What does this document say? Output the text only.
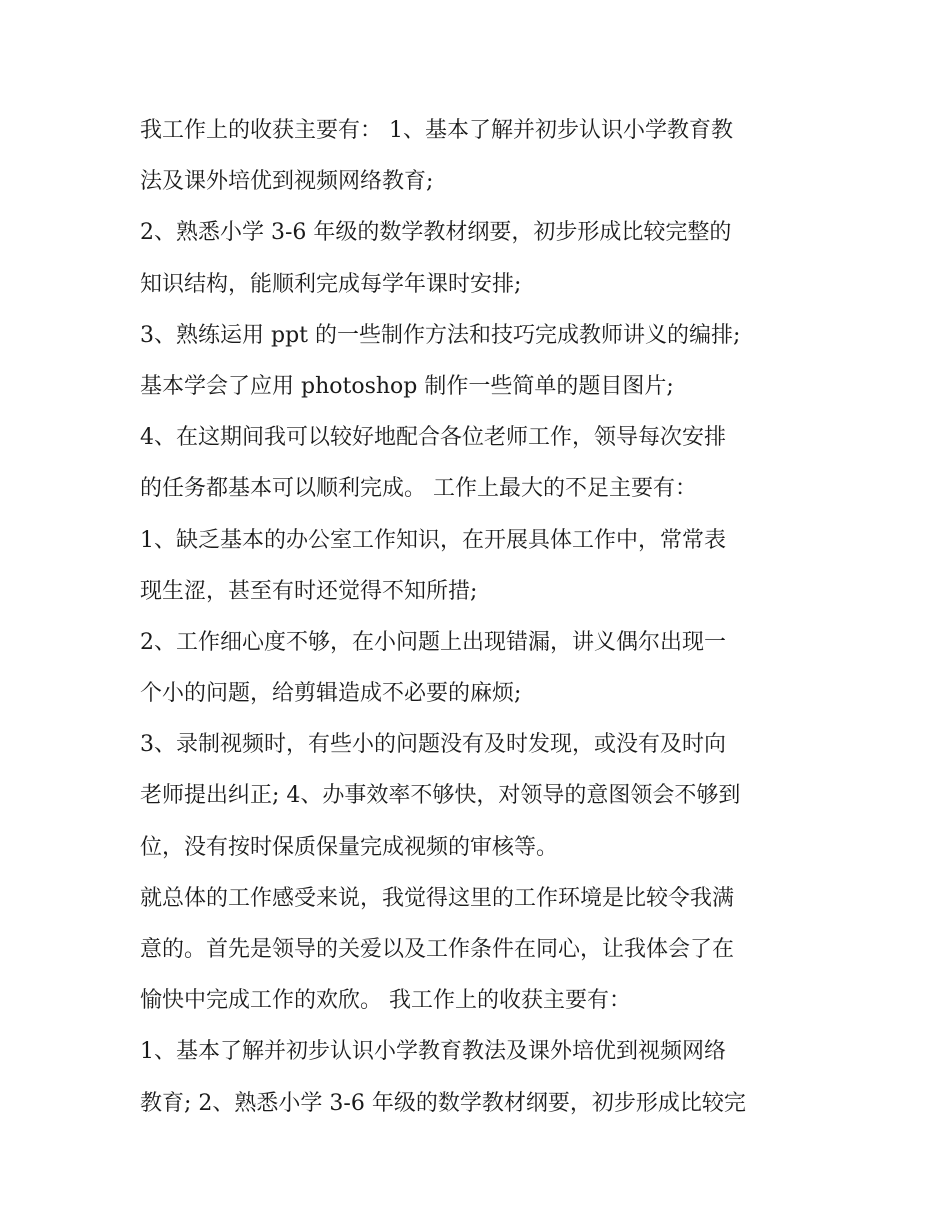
我工作上的收获主要有： 1、基本了解并初步认识小学教育教
法及课外培优到视频网络教育;
2、熟悉小学 3-6 年级的数学教材纲要，初步形成比较完整的
知识结构，能顺利完成每学年课时安排;
3、熟练运用 ppt 的一些制作方法和技巧完成教师讲义的编排;
基本学会了应用 photoshop 制作一些简单的题目图片;
4、在这期间我可以较好地配合各位老师工作，领导每次安排
的任务都基本可以顺利完成。 工作上最大的不足主要有：
1、缺乏基本的办公室工作知识，在开展具体工作中，常常表
现生涩，甚至有时还觉得不知所措;
2、工作细心度不够，在小问题上出现错漏，讲义偶尔出现一
个小的问题，给剪辑造成不必要的麻烦;
3、录制视频时，有些小的问题没有及时发现，或没有及时向
老师提出纠正; 4、办事效率不够快，对领导的意图领会不够到
位，没有按时保质保量完成视频的审核等。
就总体的工作感受来说，我觉得这里的工作环境是比较令我满
意的。首先是领导的关爱以及工作条件在同心，让我体会了在
愉快中完成工作的欢欣。 我工作上的收获主要有：
1、基本了解并初步认识小学教育教法及课外培优到视频网络
教育; 2、熟悉小学 3-6 年级的数学教材纲要，初步形成比较完
